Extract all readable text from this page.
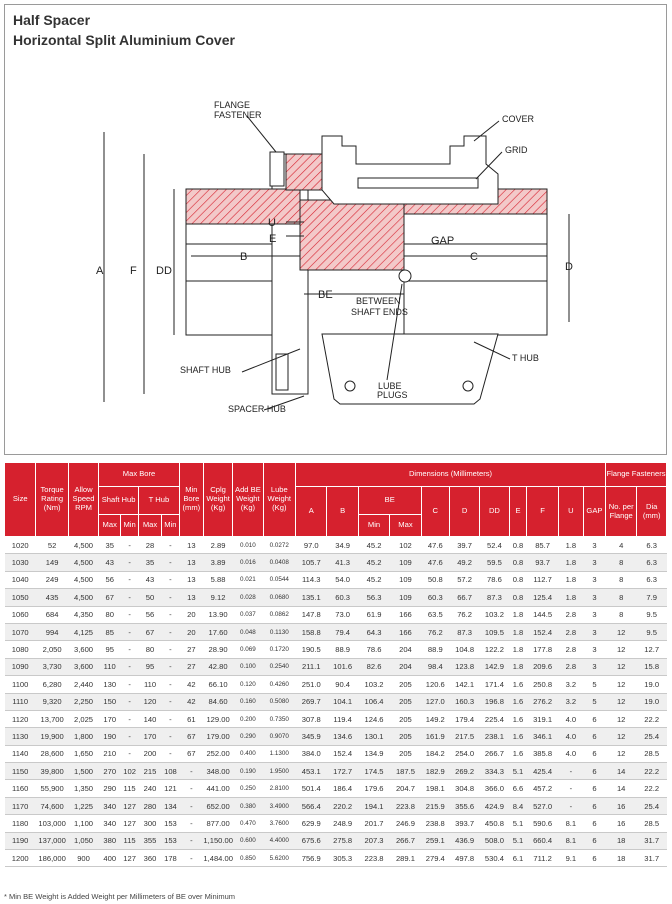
Half Spacer
Horizontal Split Aluminium Cover
FLANGE
FASTENER	COVER
GRID
GAP
U
E
A F DD
B	C
D
BE	BETWEEN
SHAFT ENDS
SHAFT HUB
T HUB
LUBE
PLUGS
SPACER HUB
Size	Torque Rating (Nm)	Allow Speed RPM	Max Bore				Min Bore (mm)	Cplg Weight (Kg)	Add BE Weight (Kg)	Lube Weight (Kg)	Dimensions (Millimeters)											Flange Fasteners	
			Shaft Hub		T Hub						A	B	BE		C	D	DD	E	F	U	GAP	No. per Flange	Dia (mm)
			Max	Min	Max	Min							Min	Max									
1020	52	4,500	35	-	28	-	13	2.89	0.010	0.0272	97.0	34.9	45.2	102	47.6	39.7	52.4	0.8	85.7	1.8	3	4	6.3
1030	149	4,500	43	-	35	-	13	3.89	0.016	0.0408	105.7	41.3	45.2	109	47.6	49.2	59.5	0.8	93.7	1.8	3	8	6.3
1040	249	4,500	56	-	43	-	13	5.88	0.021	0.0544	114.3	54.0	45.2	109	50.8	57.2	78.6	0.8	112.7	1.8	3	8	6.3
1050	435	4,500	67	-	50	-	13	9.12	0.028	0.0680	135.1	60.3	56.3	109	60.3	66.7	87.3	0.8	125.4	1.8	3	8	7.9
1060	684	4,350	80	-	56	-	20	13.90	0.037	0.0862	147.8	73.0	61.9	166	63.5	76.2	103.2	1.8	144.5	2.8	3	8	9.5
1070	994	4,125	85	-	67	-	20	17.60	0.048	0.1130	158.8	79.4	64.3	166	76.2	87.3	109.5	1.8	152.4	2.8	3	12	9.5
1080	2,050	3,600	95	-	80	-	27	28.90	0.069	0.1720	190.5	88.9	78.6	204	88.9	104.8	122.2	1.8	177.8	2.8	3	12	12.7
1090	3,730	3,600	110	-	95	-	27	42.80	0.100	0.2540	211.1	101.6	82.6	204	98.4	123.8	142.9	1.8	209.6	2.8	3	12	15.8
1100	6,280	2,440	130	-	110	-	42	66.10	0.120	0.4260	251.0	90.4	103.2	205	120.6	142.1	171.4	1.6	250.8	3.2	5	12	19.0
1110	9,320	2,250	150	-	120	-	42	84.60	0.160	0.5080	269.7	104.1	106.4	205	127.0	160.3	196.8	1.6	276.2	3.2	5	12	19.0
1120	13,700	2,025	170	-	140	-	61	129.00	0.200	0.7350	307.8	119.4	124.6	205	149.2	179.4	225.4	1.6	319.1	4.0	6	12	22.2
1130	19,900	1,800	190	-	170	-	67	179.00	0.290	0.9070	345.9	134.6	130.1	205	161.9	217.5	238.1	1.6	346.1	4.0	6	12	25.4
1140	28,600	1,650	210	-	200	-	67	252.00	0.400	1.1300	384.0	152.4	134.9	205	184.2	254.0	266.7	1.6	385.8	4.0	6	12	28.5
1150	39,800	1,500	270	102	215	108	-	348.00	0.190	1.9500	453.1	172.7	174.5	187.5	182.9	269.2	334.3	5.1	425.4	-	6	14	22.2
1160	55,900	1,350	290	115	240	121	-	441.00	0.250	2.8100	501.4	186.4	179.6	204.7	198.1	304.8	366.0	6.6	457.2	-	6	14	22.2
1170	74,600	1,225	340	127	280	134	-	652.00	0.380	3.4900	566.4	220.2	194.1	223.8	215.9	355.6	424.9	8.4	527.0	-	6	16	25.4
1180	103,000	1,100	340	127	300	153	-	877.00	0.470	3.7600	629.9	248.9	201.7	246.9	238.8	393.7	450.8	5.1	590.6	8.1	6	16	28.5
1190	137,000	1,050	380	115	355	153	-	1,150.00	0.600	4.4000	675.6	275.8	207.3	266.7	259.1	436.9	508.0	5.1	660.4	8.1	6	18	31.7
1200	186,000	900	400	127	360	178	-	1,484.00	0.850	5.6200	756.9	305.3	223.8	289.1	279.4	497.8	530.4	6.1	711.2	9.1	6	18	31.7
* Min BE Weight is Added Weight per Millimeters of BE over Minimum
